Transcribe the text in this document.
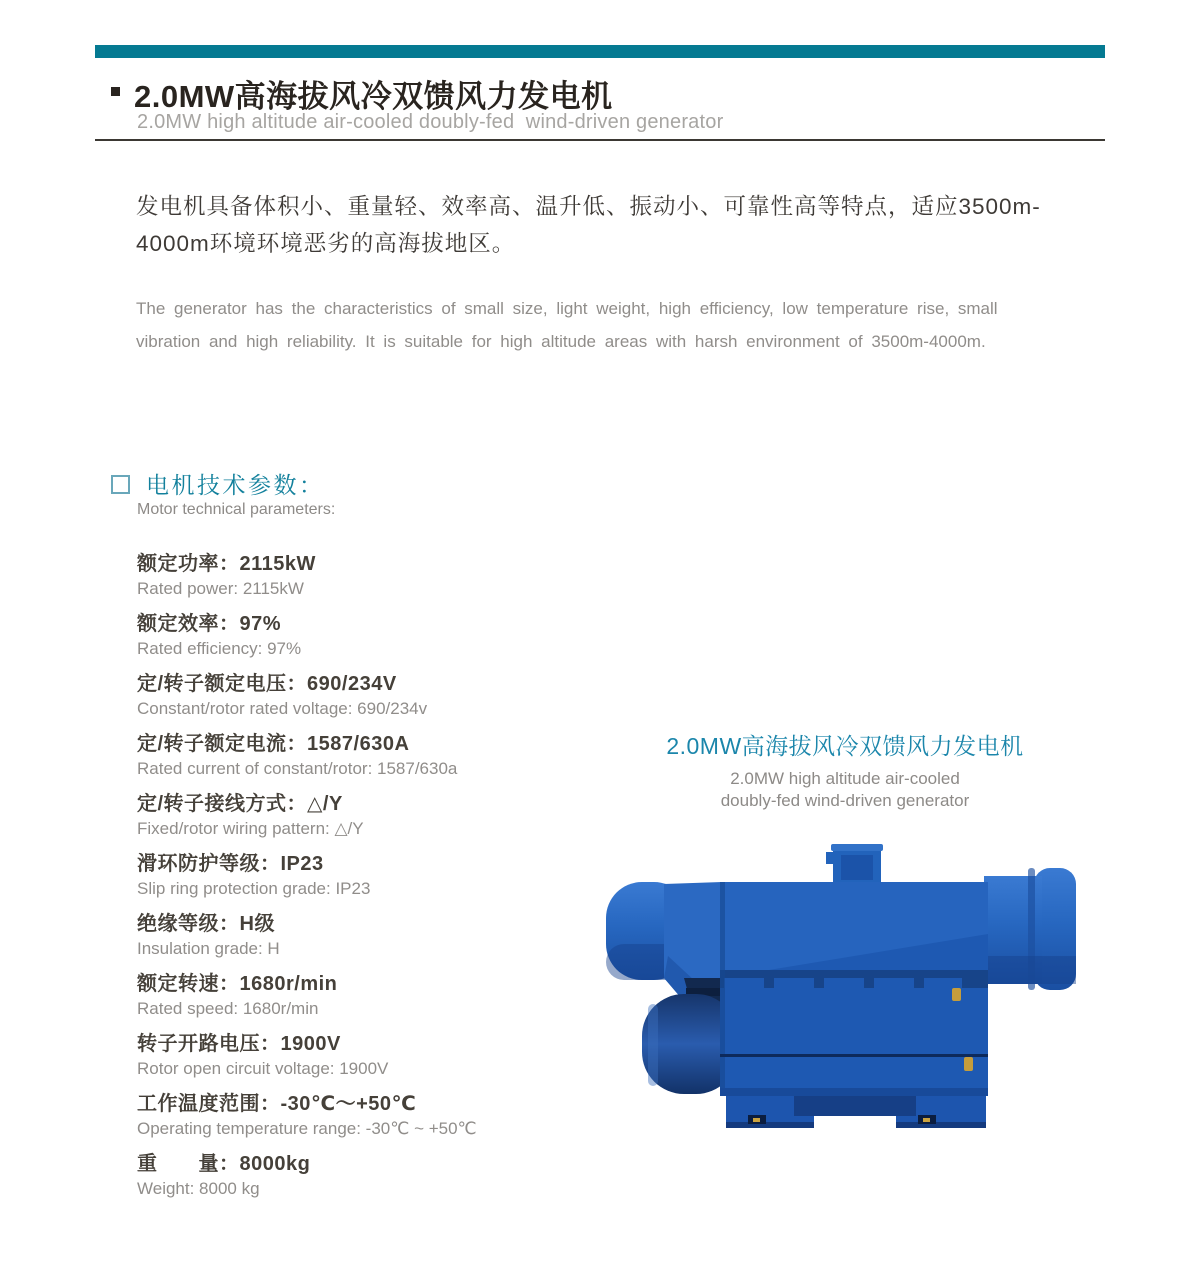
2.0MW高海拔风冷双馈风力发电机
2.0MW high altitude air-cooled doubly-fed  wind-driven generator
发电机具备体积小、重量轻、效率高、温升低、振动小、可靠性高等特点，适应3500m-
4000m环境环境恶劣的高海拔地区。
The generator has the characteristics of small size, light weight, high efficiency, low temperature rise, small
vibration and high reliability. It is suitable for high altitude areas with harsh environment of 3500m-4000m.
电机技术参数：
Motor technical parameters:
额定功率：2115kW
Rated power: 2115kW
额定效率：97%
Rated efficiency: 97%
定/转子额定电压：690/234V
Constant/rotor rated voltage: 690/234v
定/转子额定电流：1587/630A
Rated current of constant/rotor: 1587/630a
定/转子接线方式：△/Y
Fixed/rotor wiring pattern: △/Y
滑环防护等级：IP23
Slip ring protection grade: IP23
绝缘等级：H级
Insulation grade: H
额定转速：1680r/min
Rated speed: 1680r/min
转子开路电压：1900V
Rotor open circuit voltage: 1900V
工作温度范围：-30℃～+50℃
Operating temperature range: -30℃ ~ +50℃
重　　量：8000kg
Weight: 8000 kg
2.0MW高海拔风冷双馈风力发电机
2.0MW high altitude air-cooled
doubly-fed wind-driven generator
